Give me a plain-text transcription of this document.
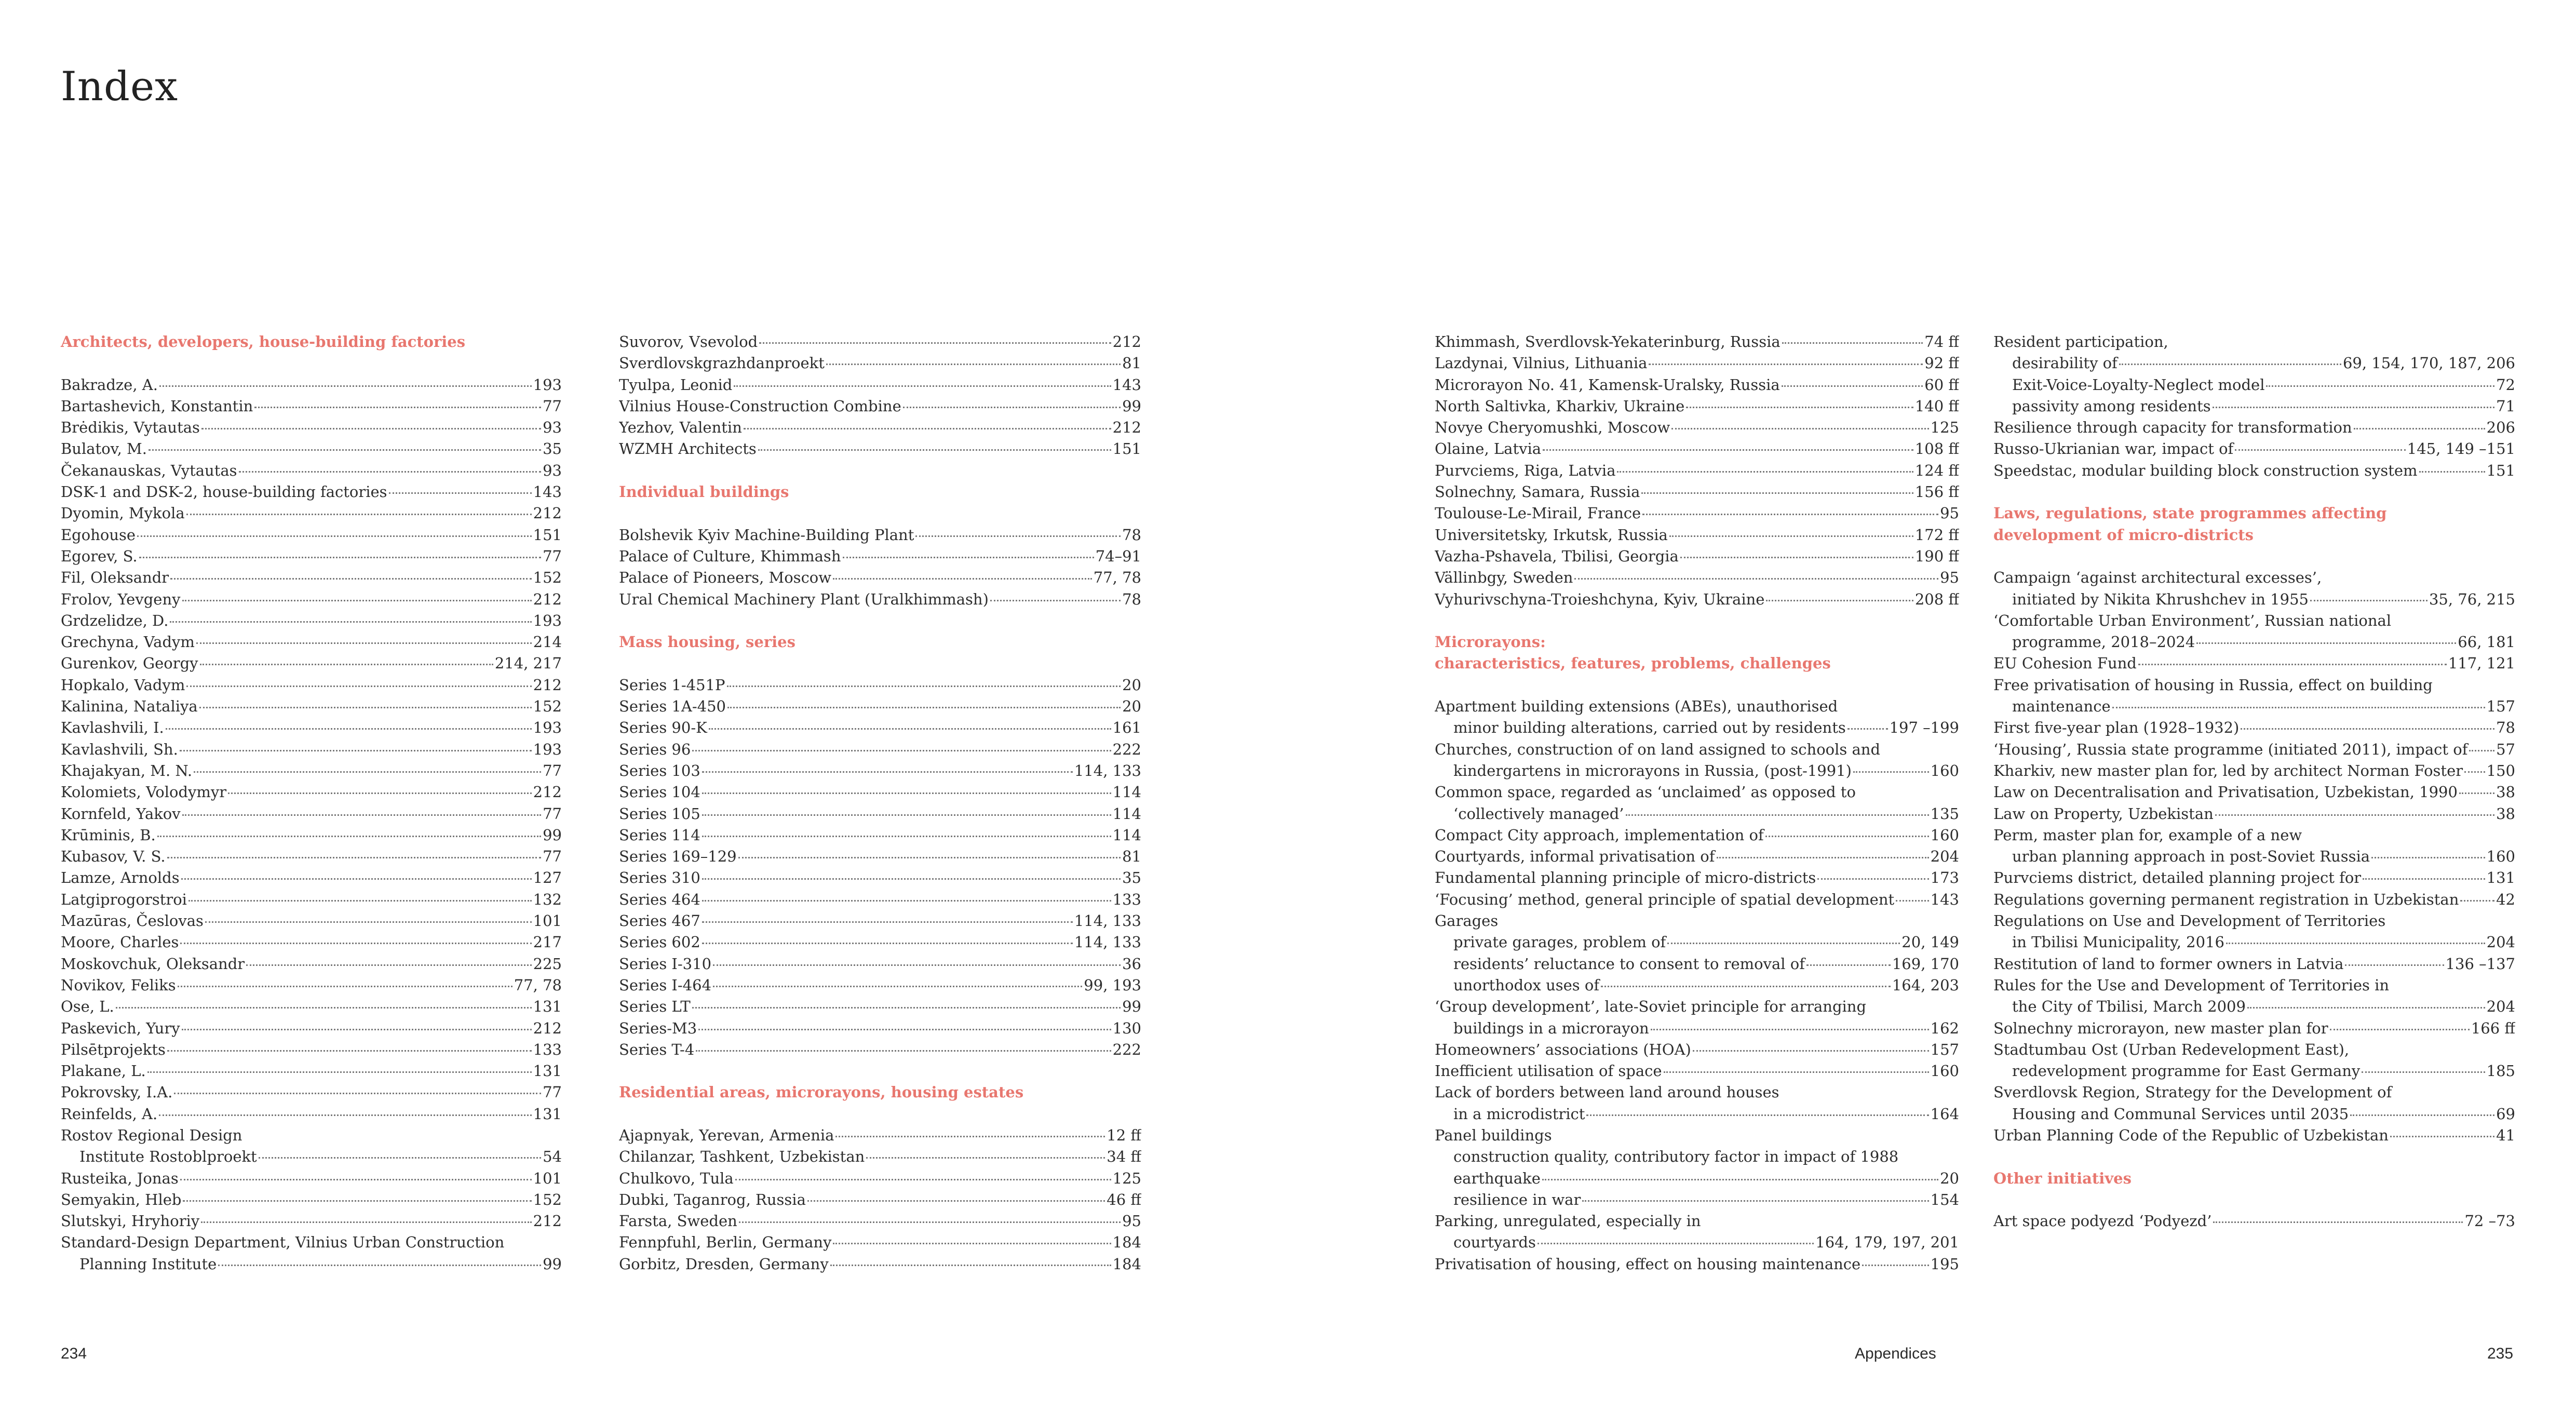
Index
Architects, developers, house-building factories
Bakradze, A.	193
Bartashevich, Konstantin	77
Brėdikis, Vytautas	93
Bulatov, M.	35
Čekanauskas, Vytautas	93
DSK-1 and DSK-2, house-building factories	143
Dyomin, Mykola	212
Egohouse	151
Egorev, S.	77
Fil, Oleksandr	152
Frolov, Yevgeny	212
Grdzelidze, D.	193
Grechyna, Vadym	214
Gurenkov, Georgy	214, 217
Hopkalo, Vadym	212
Kalinina, Nataliya	152
Kavlashvili, I.	193
Kavlashvili, Sh.	193
Khajakyan, M. N.	77
Kolomiets, Volodymyr	212
Kornfeld, Yakov	77
Krūminis, B.	99
Kubasov, V. S.	77
Lamze, Arnolds	127
Latgiprogorstroi	132
Mazūras, Česlovas	101
Moore, Charles	217
Moskovchuk, Oleksandr	225
Novikov, Feliks	77, 78
Ose, L.	131
Paskevich, Yury	212
Pilsētprojekts	133
Plakane, L.	131
Pokrovsky, I.A.	77
Reinfelds, A.	131
Rostov Regional Design
Institute Rostoblproekt	54
Rusteika, Jonas	101
Semyakin, Hleb	152
Slutskyi, Hryhoriy	212
Standard-Design Department, Vilnius Urban Construction
Planning Institute	99
Suvorov, Vsevolod	212
Sverdlovskgrazhdanproekt	81
Tyulpa, Leonid	143
Vilnius House-Construction Combine	99
Yezhov, Valentin	212
WZMH Architects	151
Individual buildings
Bolshevik Kyiv Machine-Building Plant	78
Palace of Culture, Khimmash	74–91
Palace of Pioneers, Moscow	77, 78
Ural Chemical Machinery Plant (Uralkhimmash)	78
Mass housing, series
Series 1-451P	20
Series 1A-450	20
Series 90-K	161
Series 96	222
Series 103	114, 133
Series 104	114
Series 105	114
Series 114	114
Series 169–129	81
Series 310	35
Series 464	133
Series 467	114, 133
Series 602	114, 133
Series I-310	36
Series I-464	99, 193
Series LT	99
Series-M3	130
Series T-4	222
Residential areas, microrayons, housing estates
Ajapnyak, Yerevan, Armenia	12 ff
Chilanzar, Tashkent, Uzbekistan	34 ff
Chulkovo, Tula	125
Dubki, Taganrog, Russia	46 ff
Farsta, Sweden	95
Fennpfuhl, Berlin, Germany	184
Gorbitz, Dresden, Germany	184
Khimmash, Sverdlovsk-Yekaterinburg, Russia	74 ff
Lazdynai, Vilnius, Lithuania	92 ff
Microrayon No. 41, Kamensk-Uralsky, Russia	60 ff
North Saltivka, Kharkiv, Ukraine	140 ff
Novye Cheryomushki, Moscow	125
Olaine, Latvia	108 ff
Purvciems, Riga, Latvia	124 ff
Solnechny, Samara, Russia	156 ff
Toulouse-Le-Mirail, France	95
Universitetsky, Irkutsk, Russia	172 ff
Vazha-Pshavela, Tbilisi, Georgia	190 ff
Vällinbgy, Sweden	95
Vyhurivschyna-Troieshchyna, Kyiv, Ukraine	208 ff
Microrayons:
characteristics, features, problems, challenges
Apartment building extensions (ABEs), unauthorised
minor building alterations, carried out by residents	197 –199
Churches, construction of on land assigned to schools and
kindergartens in microrayons in Russia, (post-1991)	160
Common space, regarded as ‘unclaimed’ as opposed to
‘collectively managed’	135
Compact City approach, implementation of	160
Courtyards, informal privatisation of	204
Fundamental planning principle of micro-districts	173
‘Focusing’ method, general principle of spatial development 143
Garages
private garages, problem of	20, 149
residents’ reluctance to consent to removal of	169, 170
unorthodox uses of	164, 203
‘Group development’, late-Soviet principle for arranging
buildings in a microrayon	162
Homeowners’ associations (HOA)	157
Inefficient utilisation of space	160
Lack of borders between land around houses
in a microdistrict	164
Panel buildings
construction quality, contributory factor in impact of 1988
earthquake	20
resilience in war	154
Parking, unregulated, especially in
courtyards	164, 179, 197, 201
Privatisation of housing, effect on housing maintenance	195
Resident participation,
desirability of	69, 154, 170, 187, 206
Exit-Voice-Loyalty-Neglect model	72
passivity among residents	71
Resilience through capacity for transformation	206
Russo-Ukrianian war, impact of	145, 149 –151
Speedstac, modular building block construction system	151
Laws, regulations, state programmes affecting
development of micro-districts
Campaign ‘against architectural excesses’,
initiated by Nikita Khrushchev in 1955	35, 76, 215
‘Comfortable Urban Environment’, Russian national
programme, 2018–2024	66, 181
EU Cohesion Fund	117, 121
Free privatisation of housing in Russia, effect on building
maintenance	157
First five-year plan (1928–1932)	78
‘Housing’, Russia state programme (initiated 2011), impact of 57
Kharkiv, new master plan for, led by architect Norman Foster 150
Law on Decentralisation and Privatisation, Uzbekistan, 1990	38
Law on Property, Uzbekistan	38
Perm, master plan for, example of a new
urban planning approach in post-Soviet Russia	160
Purvciems district, detailed planning project for	131
Regulations governing permanent registration in Uzbekistan 42
Regulations on Use and Development of Territories
in Tbilisi Municipality, 2016	204
Restitution of land to former owners in Latvia	136 –137
Rules for the Use and Development of Territories in
the City of Tbilisi, March 2009	204
Solnechny microrayon, new master plan for	166 ff
Stadtumbau Ost (Urban Redevelopment East),
redevelopment programme for East Germany	185
Sverdlovsk Region, Strategy for the Development of
Housing and Communal Services until 2035	69
Urban Planning Code of the Republic of Uzbekistan	41
Other initiatives
Art space podyezd ‘Podyezd’	72 –73
234	Appendices	235
